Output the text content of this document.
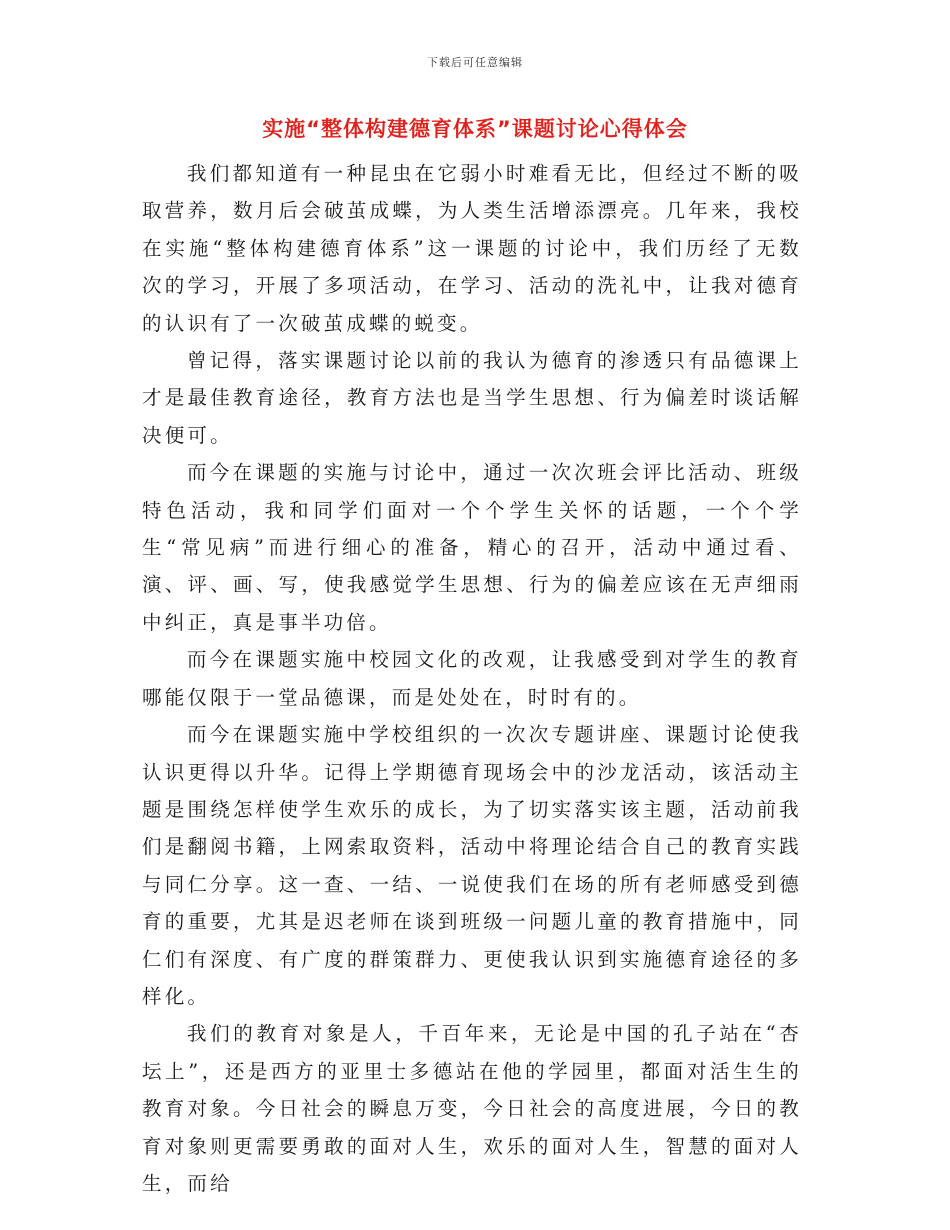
下载后可任意编辑
实施“整体构建德育体系”课题讨论心得体会

我们都知道有一种昆虫在它弱小时难看无比，但经过不断的吸取营养，数月后会破茧成蝶，为人类生活增添漂亮。几年来，我校在实施“整体构建德育体系”这一课题的讨论中，我们历经了无数次的学习，开展了多项活动，在学习、活动的洗礼中，让我对德育的认识有了一次破茧成蝶的蜕变。

曾记得，落实课题讨论以前的我认为德育的渗透只有品德课上才是最佳教育途径，教育方法也是当学生思想、行为偏差时谈话解决便可。

而今在课题的实施与讨论中，通过一次次班会评比活动、班级特色活动，我和同学们面对一个个学生关怀的话题，一个个学生“常见病”而进行细心的准备，精心的召开，活动中通过看、演、评、画、写，使我感觉学生思想、行为的偏差应该在无声细雨中纠正，真是事半功倍。

而今在课题实施中校园文化的改观，让我感受到对学生的教育哪能仅限于一堂品德课，而是处处在，时时有的。

而今在课题实施中学校组织的一次次专题讲座、课题讨论使我认识更得以升华。记得上学期德育现场会中的沙龙活动，该活动主题是围绕怎样使学生欢乐的成长，为了切实落实该主题，活动前我们是翻阅书籍，上网索取资料，活动中将理论结合自己的教育实践与同仁分享。这一查、一结、一说使我们在场的所有老师感受到德育的重要，尤其是迟老师在谈到班级一问题儿童的教育措施中，同仁们有深度、有广度的群策群力、更使我认识到实施德育途径的多样化。

我们的教育对象是人，千百年来，无论是中国的孔子站在“杏坛上”，还是西方的亚里士多德站在他的学园里，都面对活生生的教育对象。今日社会的瞬息万变，今日社会的高度进展，今日的教育对象则更需要勇敢的面对人生，欢乐的面对人生，智慧的面对人生，而给
